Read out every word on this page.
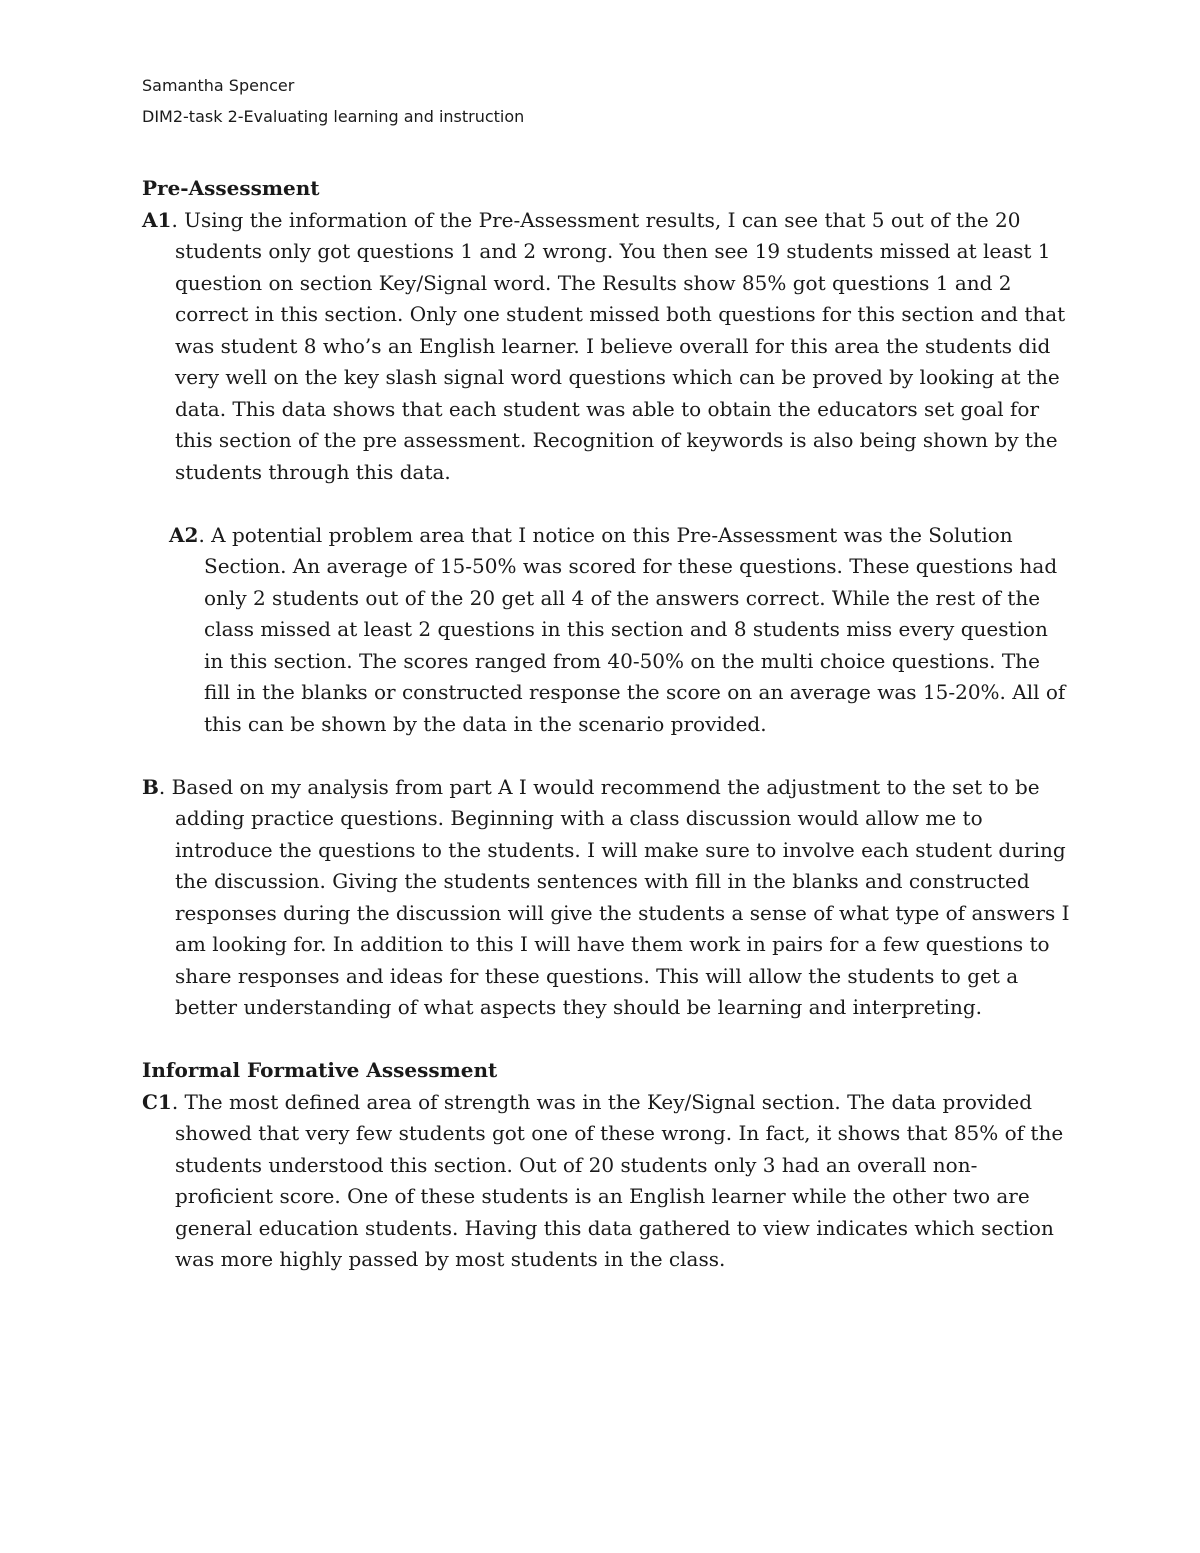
Samantha Spencer
DIM2-task 2-Evaluating learning and instruction

Pre-Assessment

A1. Using the information of the Pre-Assessment results, I can see that 5 out of the 20 students only got questions 1 and 2 wrong. You then see 19 students missed at least 1 question on section Key/Signal word. The Results show 85% got questions 1 and 2 correct in this section. Only one student missed both questions for this section and that was student 8 who’s an English learner. I believe overall for this area the students did very well on the key slash signal word questions which can be proved by looking at the data. This data shows that each student was able to obtain the educators set goal for this section of the pre assessment. Recognition of keywords is also being shown by the students through this data.

A2. A potential problem area that I notice on this Pre-Assessment was the Solution Section. An average of 15-50% was scored for these questions. These questions had only 2 students out of the 20 get all 4 of the answers correct. While the rest of the class missed at least 2 questions in this section and 8 students miss every question in this section. The scores ranged from 40-50% on the multi choice questions. The fill in the blanks or constructed response the score on an average was 15-20%. All of this can be shown by the data in the scenario provided.

B. Based on my analysis from part A I would recommend the adjustment to the set to be adding practice questions. Beginning with a class discussion would allow me to introduce the questions to the students. I will make sure to involve each student during the discussion. Giving the students sentences with fill in the blanks and constructed responses during the discussion will give the students a sense of what type of answers I am looking for. In addition to this I will have them work in pairs for a few questions to share responses and ideas for these questions. This will allow the students to get a better understanding of what aspects they should be learning and interpreting.

Informal Formative Assessment

C1. The most defined area of strength was in the Key/Signal section. The data provided showed that very few students got one of these wrong. In fact, it shows that 85% of the students understood this section. Out of 20 students only 3 had an overall non-proficient score. One of these students is an English learner while the other two are general education students. Having this data gathered to view indicates which section was more highly passed by most students in the class.
